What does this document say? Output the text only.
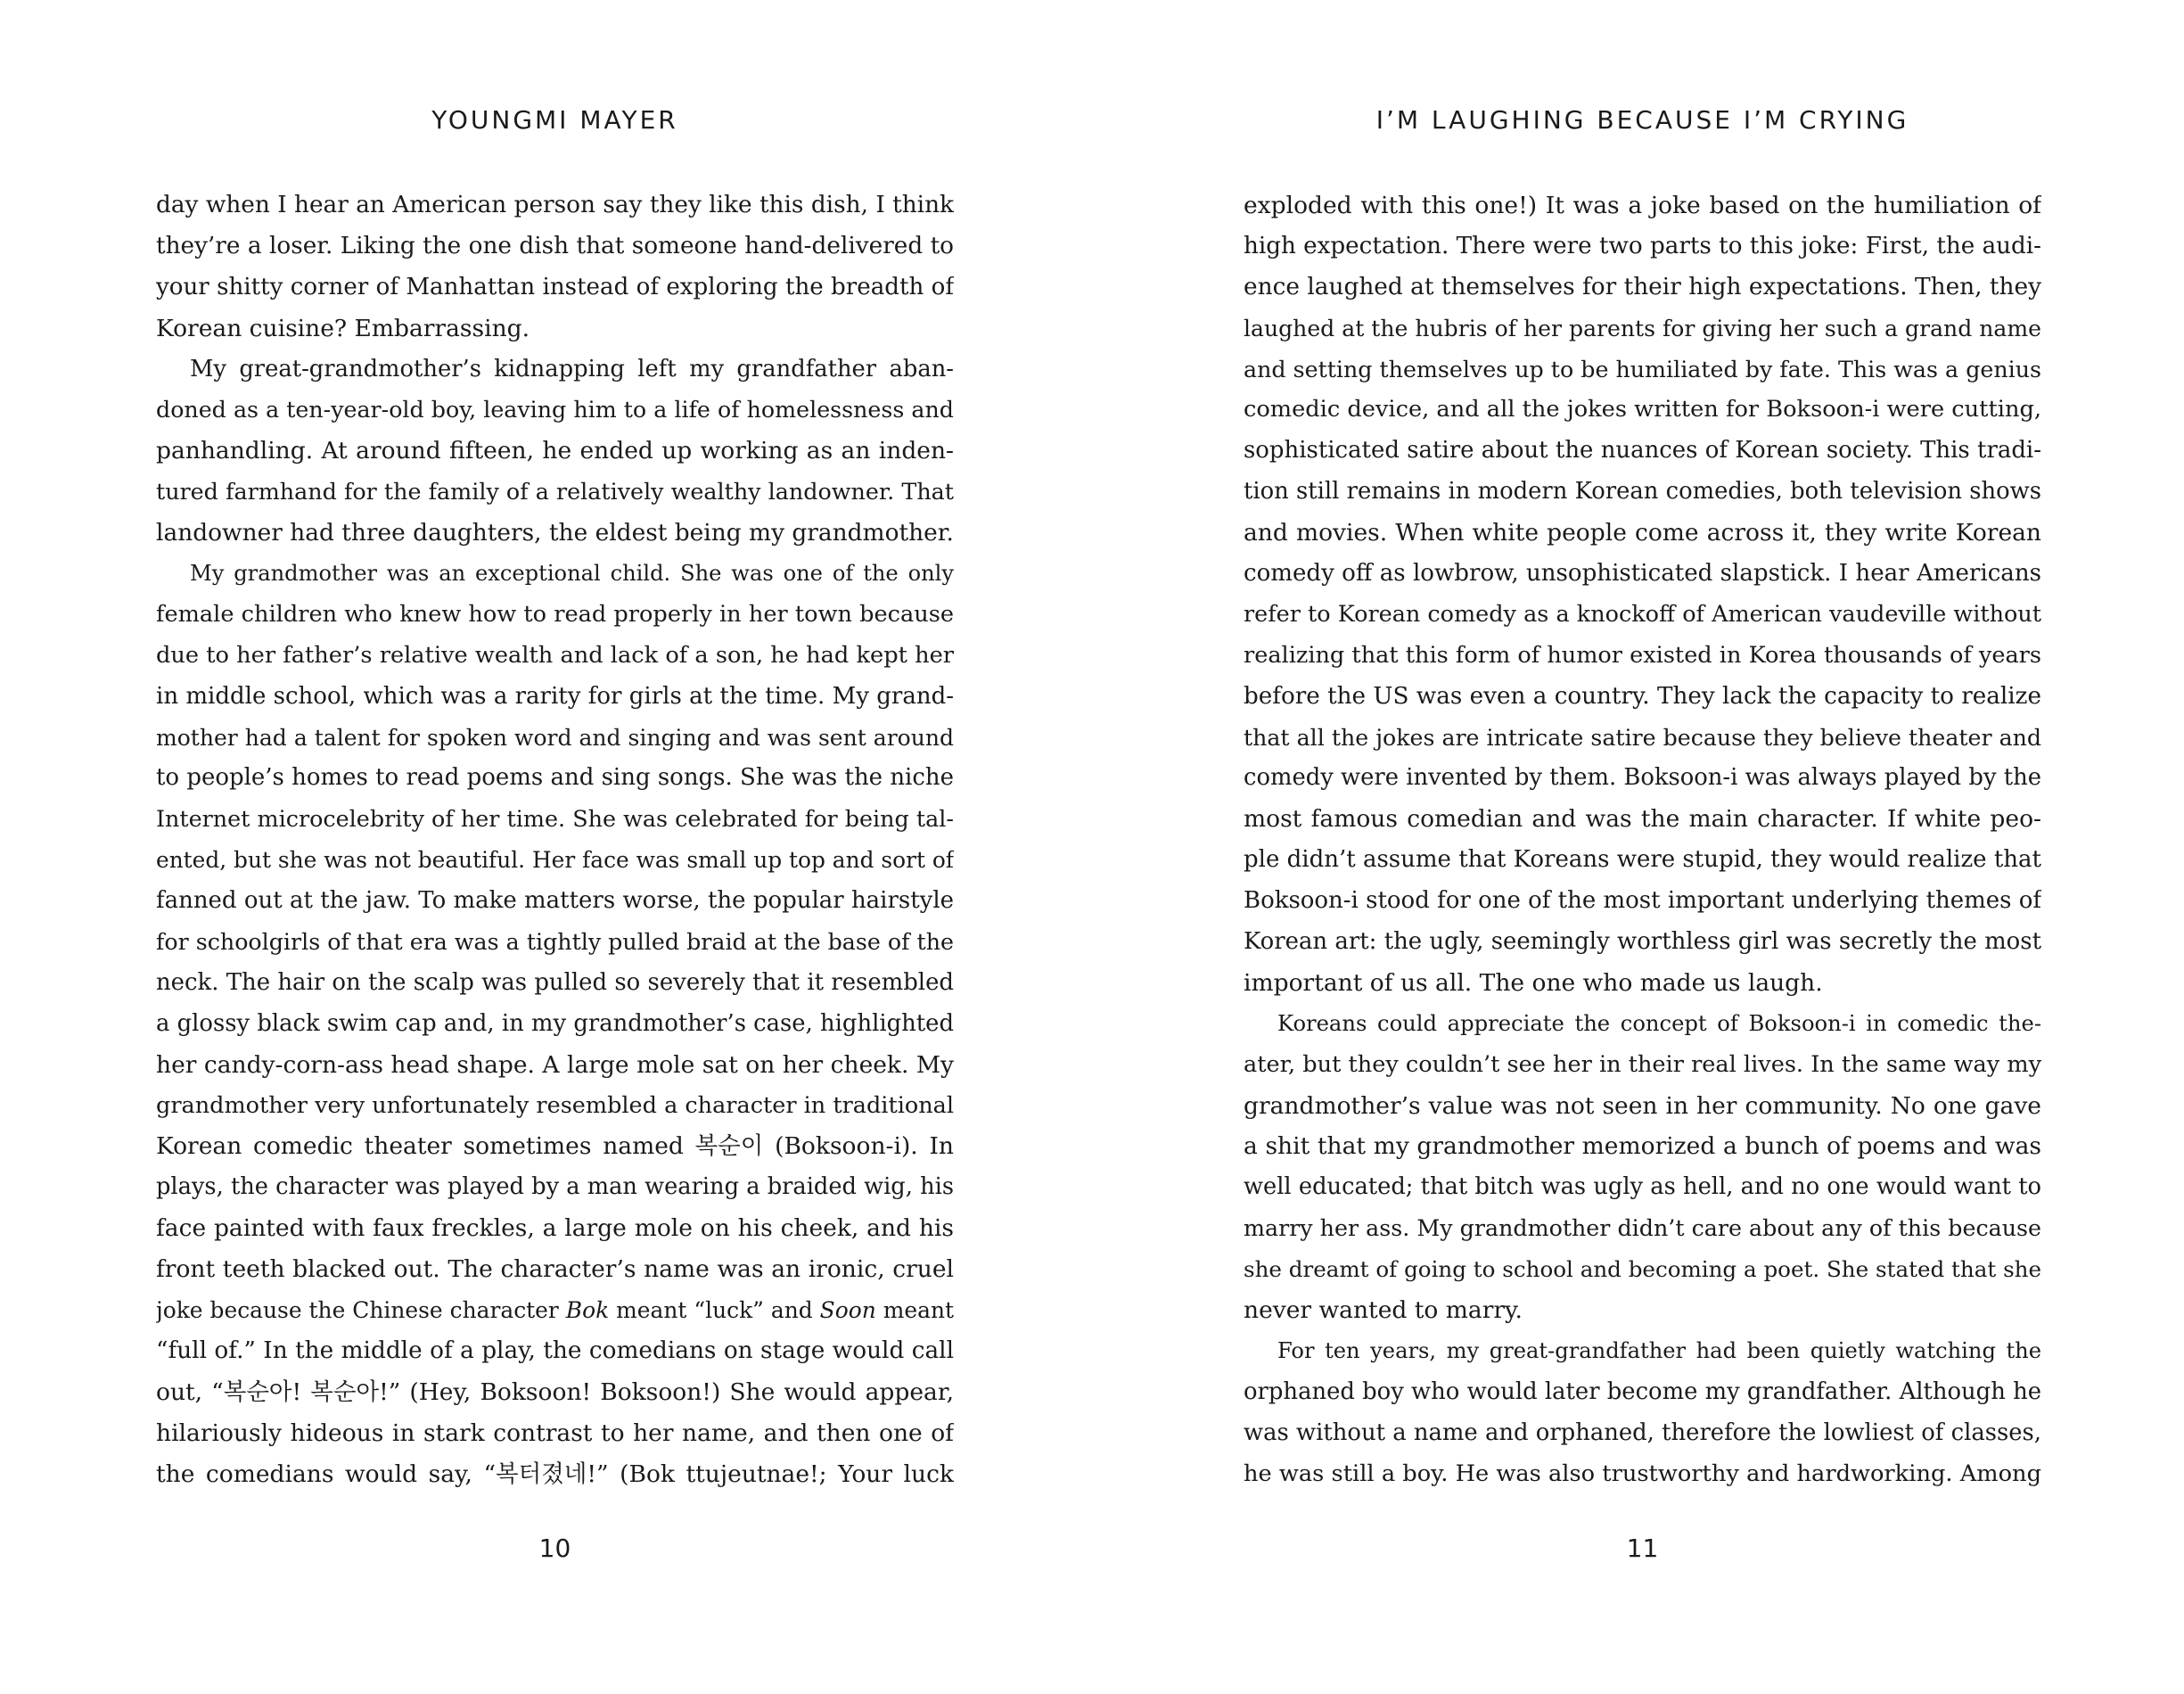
YOUNGMI MAYER
day when I hear an American person say they like this dish, I think
they’re a loser. Liking the one dish that someone hand-delivered to
your shitty corner of Manhattan instead of exploring the breadth of
Korean cuisine? Embarrassing.
My great-grandmother’s kidnapping left my grandfather aban-
doned as a ten-year-old boy, leaving him to a life of homelessness and
panhandling. At around fifteen, he ended up working as an inden-
tured farmhand for the family of a relatively wealthy landowner. That
landowner had three daughters, the eldest being my grandmother.
My grandmother was an exceptional child. She was one of the only
female children who knew how to read properly in her town because
due to her father’s relative wealth and lack of a son, he had kept her
in middle school, which was a rarity for girls at the time. My grand-
mother had a talent for spoken word and singing and was sent around
to people’s homes to read poems and sing songs. She was the niche
Internet microcelebrity of her time. She was celebrated for being tal-
ented, but she was not beautiful. Her face was small up top and sort of
fanned out at the jaw. To make matters worse, the popular hairstyle
for schoolgirls of that era was a tightly pulled braid at the base of the
neck. The hair on the scalp was pulled so severely that it resembled
a glossy black swim cap and, in my grandmother’s case, highlighted
her candy-corn-ass head shape. A large mole sat on her cheek. My
grandmother very unfortunately resembled a character in traditional
Korean comedic theater sometimes named 복순이 (Boksoon-i). In
plays, the character was played by a man wearing a braided wig, his
face painted with faux freckles, a large mole on his cheek, and his
front teeth blacked out. The character’s name was an ironic, cruel
joke because the Chinese character Bok meant “luck” and Soon meant
“full of.” In the middle of a play, the comedians on stage would call
out, “복순아! 복순아!” (Hey, Boksoon! Boksoon!) She would appear,
hilariously hideous in stark contrast to her name, and then one of
the comedians would say, “복터졌네!” (Bok ttujeutnae!; Your luck
10
I’M LAUGHING BECAUSE I’M CRYING
exploded with this one!) It was a joke based on the humiliation of
high expectation. There were two parts to this joke: First, the audi-
ence laughed at themselves for their high expectations. Then, they
laughed at the hubris of her parents for giving her such a grand name
and setting themselves up to be humiliated by fate. This was a genius
comedic device, and all the jokes written for Boksoon-i were cutting,
sophisticated satire about the nuances of Korean society. This tradi-
tion still remains in modern Korean comedies, both television shows
and movies. When white people come across it, they write Korean
comedy off as lowbrow, unsophisticated slapstick. I hear Americans
refer to Korean comedy as a knockoff of American vaudeville without
realizing that this form of humor existed in Korea thousands of years
before the US was even a country. They lack the capacity to realize
that all the jokes are intricate satire because they believe theater and
comedy were invented by them. Boksoon-i was always played by the
most famous comedian and was the main character. If white peo-
ple didn’t assume that Koreans were stupid, they would realize that
Boksoon-i stood for one of the most important underlying themes of
Korean art: the ugly, seemingly worthless girl was secretly the most
important of us all. The one who made us laugh.
Koreans could appreciate the concept of Boksoon-i in comedic the-
ater, but they couldn’t see her in their real lives. In the same way my
grandmother’s value was not seen in her community. No one gave
a shit that my grandmother memorized a bunch of poems and was
well educated; that bitch was ugly as hell, and no one would want to
marry her ass. My grandmother didn’t care about any of this because
she dreamt of going to school and becoming a poet. She stated that she
never wanted to marry.
For ten years, my great-grandfather had been quietly watching the
orphaned boy who would later become my grandfather. Although he
was without a name and orphaned, therefore the lowliest of classes,
he was still a boy. He was also trustworthy and hardworking. Among
11
